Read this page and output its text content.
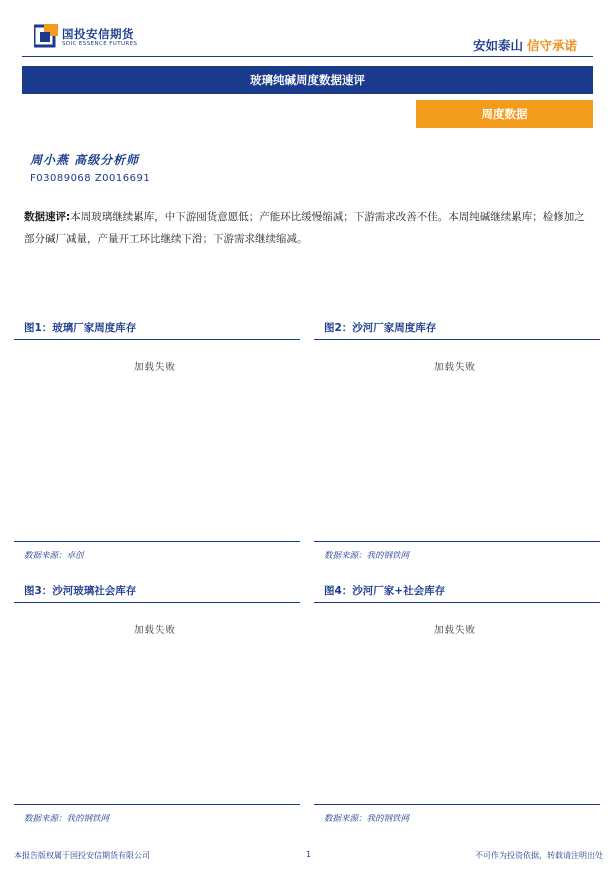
国投安信期货
SDIC ESSENCE FUTURES	安如泰山 信守承诺
玻璃纯碱周度数据速评
周度数据
周小燕 高级分析师
F03089068 Z0016691
数据速评:本周玻璃继续累库，中下游囤货意愿低；产能环比缓慢缩减；下游需求改善不佳。本周纯碱继续累库；检修加之部分碱厂减量，产量开工环比继续下滑；下游需求继续缩减。
图1：玻璃厂家周度库存
加载失败
数据来源：卓创
图2：沙河厂家周度库存
加载失败
数据来源：我的钢铁网
图3：沙河玻璃社会库存
加载失败
数据来源：我的钢铁网
图4：沙河厂家+社会库存
加载失败
数据来源：我的钢铁网
本报告版权属于国投安信期货有限公司	1	不可作为投资依据，转载请注明出处
